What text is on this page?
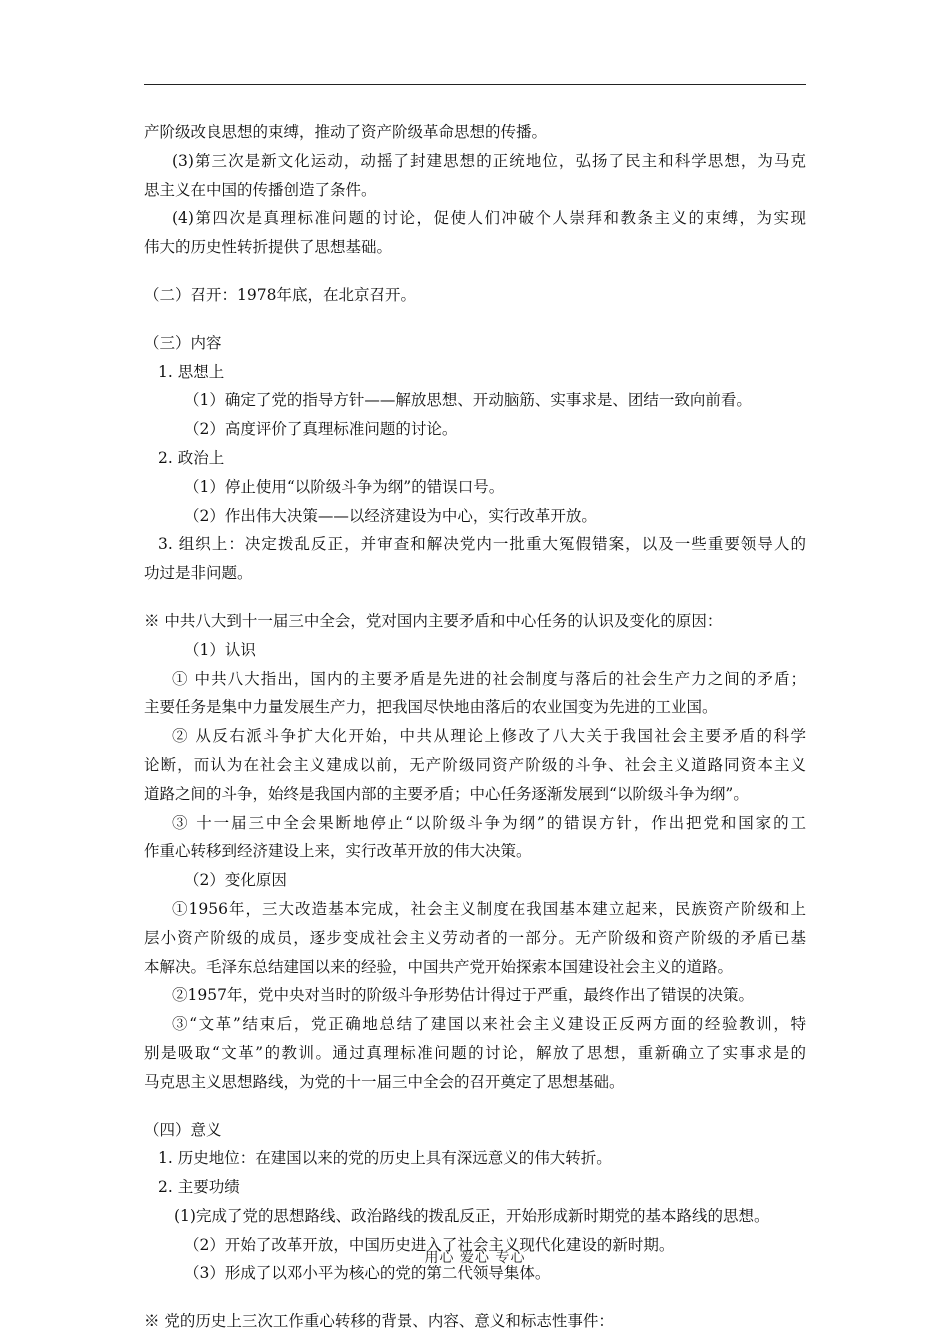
产阶级改良思想的束缚，推动了资产阶级革命思想的传播。
(3)第三次是新文化运动，动摇了封建思想的正统地位，弘扬了民主和科学思想，为马克
思主义在中国的传播创造了条件。
(4)第四次是真理标准问题的讨论，促使人们冲破个人崇拜和教条主义的束缚，为实现
伟大的历史性转折提供了思想基础。
（二）召开：1978年底，在北京召开。
（三）内容
1. 思想上
（1）确定了党的指导方针——解放思想、开动脑筋、实事求是、团结一致向前看。
（2）高度评价了真理标准问题的讨论。
2. 政治上
（1）停止使用“以阶级斗争为纲”的错误口号。
（2）作出伟大决策——以经济建设为中心，实行改革开放。
3. 组织上：决定拨乱反正，并审查和解决党内一批重大冤假错案，以及一些重要领导人的
功过是非问题。
※ 中共八大到十一届三中全会，党对国内主要矛盾和中心任务的认识及变化的原因：
（1）认识
① 中共八大指出，国内的主要矛盾是先进的社会制度与落后的社会生产力之间的矛盾；
主要任务是集中力量发展生产力，把我国尽快地由落后的农业国变为先进的工业国。
② 从反右派斗争扩大化开始，中共从理论上修改了八大关于我国社会主要矛盾的科学
论断，而认为在社会主义建成以前，无产阶级同资产阶级的斗争、社会主义道路同资本主义
道路之间的斗争，始终是我国内部的主要矛盾；中心任务逐渐发展到“以阶级斗争为纲”。
③ 十一届三中全会果断地停止“以阶级斗争为纲”的错误方针，作出把党和国家的工
作重心转移到经济建设上来，实行改革开放的伟大决策。
（2）变化原因
①1956年，三大改造基本完成，社会主义制度在我国基本建立起来，民族资产阶级和上
层小资产阶级的成员，逐步变成社会主义劳动者的一部分。无产阶级和资产阶级的矛盾已基
本解决。毛泽东总结建国以来的经验，中国共产党开始探索本国建设社会主义的道路。
②1957年，党中央对当时的阶级斗争形势估计得过于严重，最终作出了错误的决策。
③“文革”结束后，党正确地总结了建国以来社会主义建设正反两方面的经验教训，特
别是吸取“文革”的教训。通过真理标准问题的讨论，解放了思想，重新确立了实事求是的
马克思主义思想路线，为党的十一届三中全会的召开奠定了思想基础。
（四）意义
1. 历史地位：在建国以来的党的历史上具有深远意义的伟大转折。
2. 主要功绩
(1)完成了党的思想路线、政治路线的拨乱反正，开始形成新时期党的基本路线的思想。
（2）开始了改革开放，中国历史进入了社会主义现代化建设的新时期。
（3）形成了以邓小平为核心的党的第二代领导集体。
※ 党的历史上三次工作重心转移的背景、内容、意义和标志性事件：
用心 爱心 专心
